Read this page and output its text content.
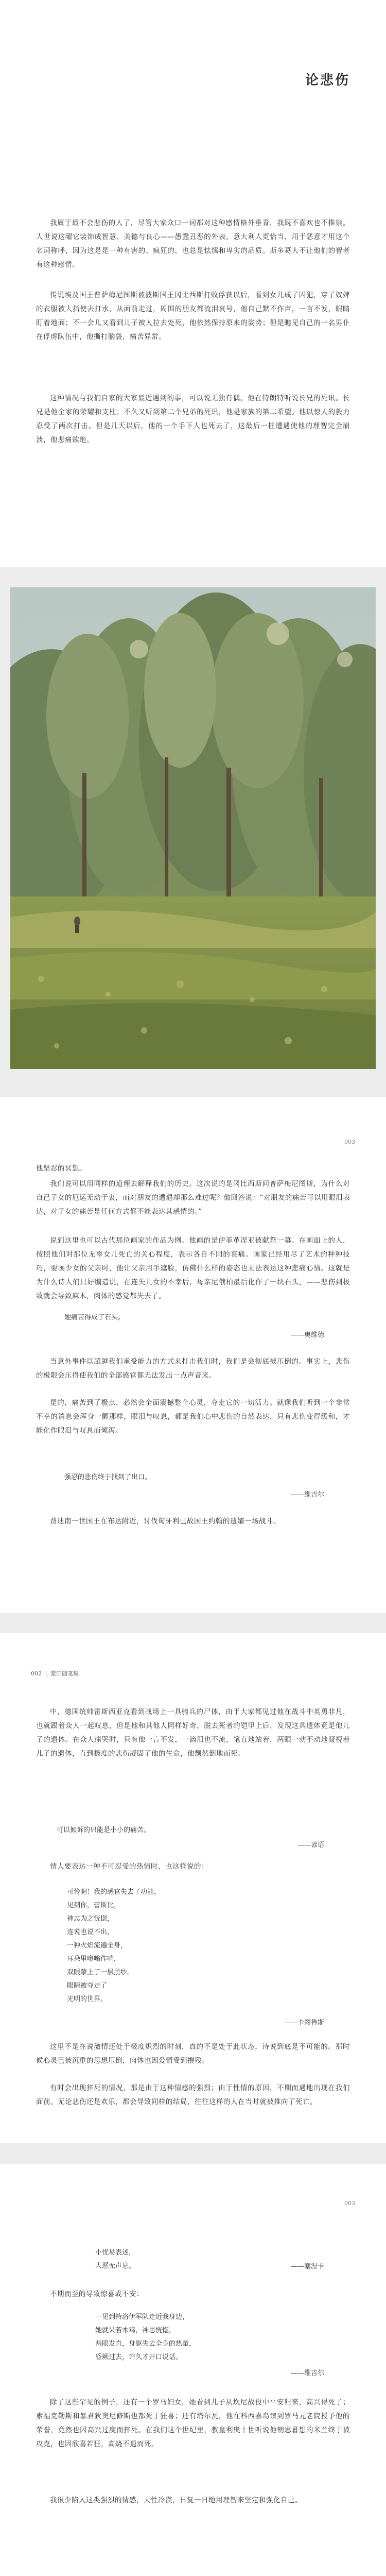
论悲伤

我属于最不会悲伤的人了，尽管大家众口一词都对这种感情格外垂青，我既不喜欢也不推崇。人世说这曜它装饰成智慧、美德与良心——愚蠢丑恶的外表。意大利人更恰当，用于恶意才用这个名词称呼，因为这是是一种有害的、疯狂的，也总是怯懦和卑劣的品质。斯多葛人不让他们的智者有这种感情。

传说埃及国王普萨梅尼图斯被波斯国王冈比西斯打败俘获以后，看到女儿成了囚犯，穿了奴婢的衣服被人指使去打水，从面前走过，周围的朋友都流泪哀号，他自己默不作声，一言不发，眼睛盯着地面；不一会儿又看到儿子被人拉去处死，他依然保持原来的姿势；但是瞧见自己的一名男仆在俘虏队伍中，他撕打脑袋，痛苦异常。

这种情况与我们自家的大家最近遇到的事，可以说无独有偶。他在特朗特听说长兄的死讯。长兄是他全家的荣耀和支柱；不久又听到第二个兄弟的死讯，他是家族的第二希望。他以惊人的毅力忍受了两次打击。但是几天以后，他的一个手下人也死去了，这最后一桩遭遇使他的理智完全崩溃，他悲痛欲绝。

003

他坚忍的冥想。

我们说可以用同样的道理去解释我们的历史。这次说的是冈比西斯问普萨梅尼图斯，为什么对自己子女的厄运无动于衷，而对朋友的遭遇却那么难过呢？他回答说：“对朋友的痛苦可以用眼泪表达，对子女的痛苦是任何方式都不能表达其感情的。”

说到这里也可以古代那位画家的作品为例。他画的是伊菲革涅亚被献祭一幕。在画面上的人，按照他们对那位无辜女儿死亡的关心程度，表示各自不同的哀痛。画家已经用尽了艺术的种种技巧，要画少女的父亲时，他让父亲用手遮脸，仿佛什么样的姿态也无法表达这种悲痛心情。这就是为什么诗人们只好编造说，在连失儿女的不幸后，母亲尼俄柏最后化作了一块石头，——悲伤到极致就会导致麻木，肉体的感觉都失去了。

她痛苦得成了石头。

——奥维德

当意外事件以超越我们承受能力的方式来打击我们时，我们是会彻底被压倒的。事实上，悲伤的极限会压得使我们的全部感官都无法发出一点声音来。

是的，痛苦到了极点，必然会全面震撼整个心灵，夺走它的一切活力。就像我们听到一个非常不幸的消息会浑身一颤那样，眼泪与叹息，都是我们心中悲伤的自然表达，只有悲伤变得缓和，才能化作眼泪与叹息而倾泻。

强忍的悲伤终于找到了出口。

——维吉尔

费迪南一世国王在布达附近，讨伐匈牙利已故国王约翰的遗孀一场战斗。

002 蒙田随笔集

中，德国统帅雷斯西亚克看到战场上一具骑兵的尸体，由于大家都见过他在战斗中英勇非凡，也就跟着众人一起叹息，但是他和其他人同样好奇，脱去死者的铠甲上后，发现这具遗体竟是他儿子的遗体。在众人痛哭时，只有他一言不发，一滴泪也不流，笔直地站着，两眼一动不动地凝视着儿子的遗体，直到极度的悲伤凝固了他的生命，他颓然倒地而死。

可以倾诉的只能是小小的痛苦。

——谚语

情人要表达一种不可忍受的热情时，也这样说的：

可怜啊！我的感官失去了功能，

见到你，蕾斯比，

神志为之恍惚，

连说也说不出，

一种火焰流遍全身，

耳朵里嗡嗡作响，

双眼蒙上了一层黑纱。

眼睛被夺走了

光明的世界。

——卡图鲁斯

这里不是在说激情还处于极度炽烈的时刻，真的不是处于此状态，诗说到底是不可能的。那时候心灵已被沉重的思想压倒，肉体也因爱情受到摧残。

有时会出现猝死的情况，那是由于这种情感的强烈；由于性情的原因，不期而遇地出现在我们面前。无论悲伤还是欢乐，都会导致同样的结局，往往这样的人在当时就被推向了死亡。

003

小忧易表述，

大恶无声息。	——塞涅卡

不期而至的导致惊喜或不安：

一见到特洛伊军队走近我身边，

她就呆若木鸡，神思恍惚，

两眼发直，身躯失去全身的热量，

昏厥过去，许久才开口说话。

——维吉尔

除了这些罕见的例子，还有一个罗马妇女，她看到儿子从坎尼战役中平安归来，高兴得死了；索福克勒斯和暴君狄奥尼修斯也都死于狂喜；还有塔尔瓦，他在科西嘉岛读到罗马元老院授予他的荣誉，竟然也因高兴过度而猝死。在我们这个世纪里，教皇利奥十世听说他朝思暮想的米兰终于被攻克，也因欣喜若狂，高烧不退而死。

我很少陷入这类强烈的情感，天性冷漠，日复一日地用理智来坚定和强化自己。
